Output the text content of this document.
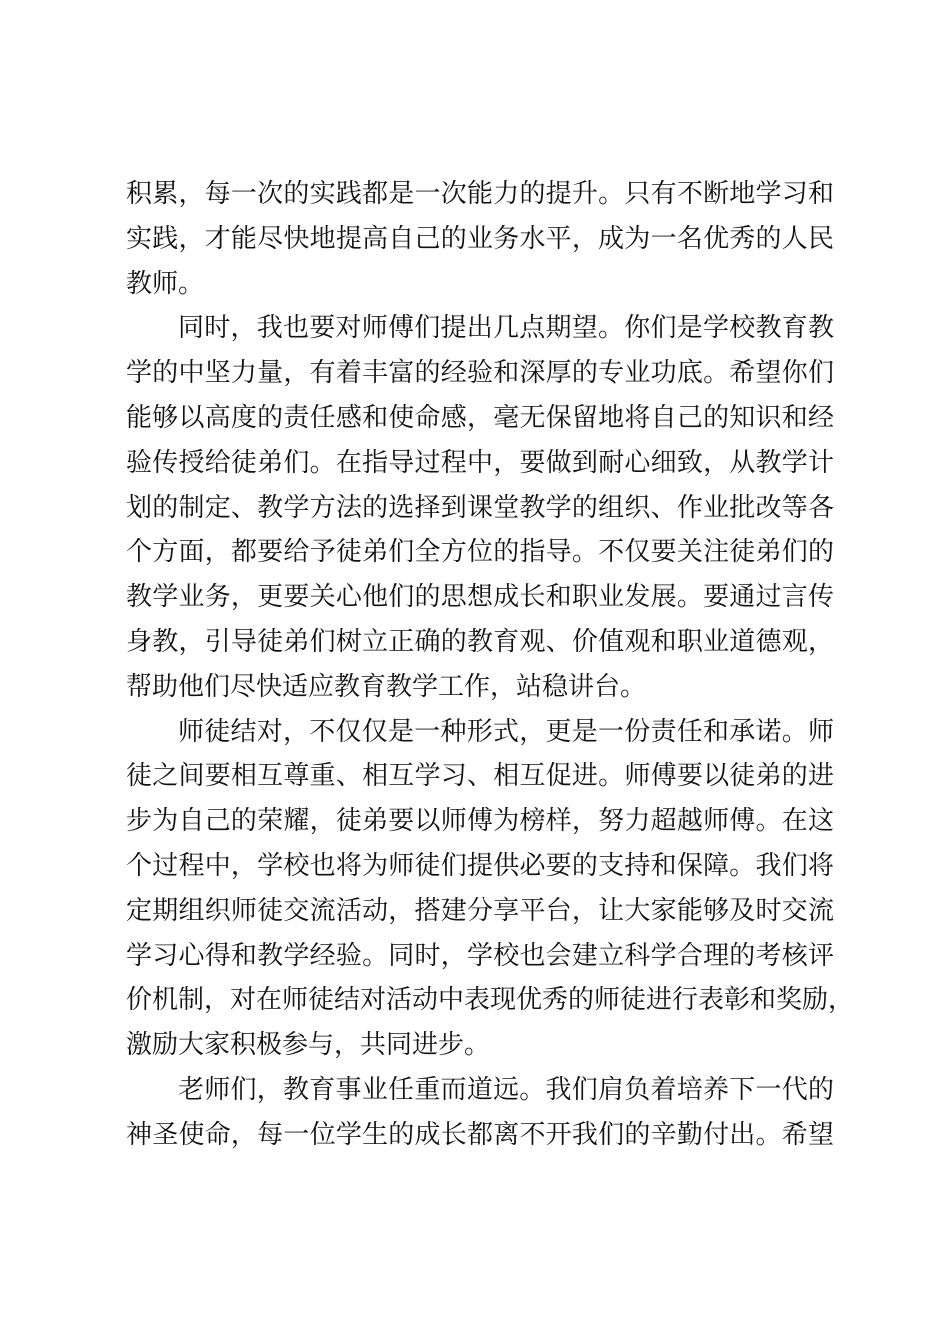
积累，每一次的实践都是一次能力的提升。只有不断地学习和
实践，才能尽快地提高自己的业务水平，成为一名优秀的人民
教师。
同时，我也要对师傅们提出几点期望。你们是学校教育教
学的中坚力量，有着丰富的经验和深厚的专业功底。希望你们
能够以高度的责任感和使命感，毫无保留地将自己的知识和经
验传授给徒弟们。在指导过程中，要做到耐心细致，从教学计
划的制定、教学方法的选择到课堂教学的组织、作业批改等各
个方面，都要给予徒弟们全方位的指导。不仅要关注徒弟们的
教学业务，更要关心他们的思想成长和职业发展。要通过言传
身教，引导徒弟们树立正确的教育观、价值观和职业道德观，
帮助他们尽快适应教育教学工作，站稳讲台。
师徒结对，不仅仅是一种形式，更是一份责任和承诺。师
徒之间要相互尊重、相互学习、相互促进。师傅要以徒弟的进
步为自己的荣耀，徒弟要以师傅为榜样，努力超越师傅。在这
个过程中，学校也将为师徒们提供必要的支持和保障。我们将
定期组织师徒交流活动，搭建分享平台，让大家能够及时交流
学习心得和教学经验。同时，学校也会建立科学合理的考核评
价机制，对在师徒结对活动中表现优秀的师徒进行表彰和奖励，
激励大家积极参与，共同进步。
老师们，教育事业任重而道远。我们肩负着培养下一代的
神圣使命，每一位学生的成长都离不开我们的辛勤付出。希望
